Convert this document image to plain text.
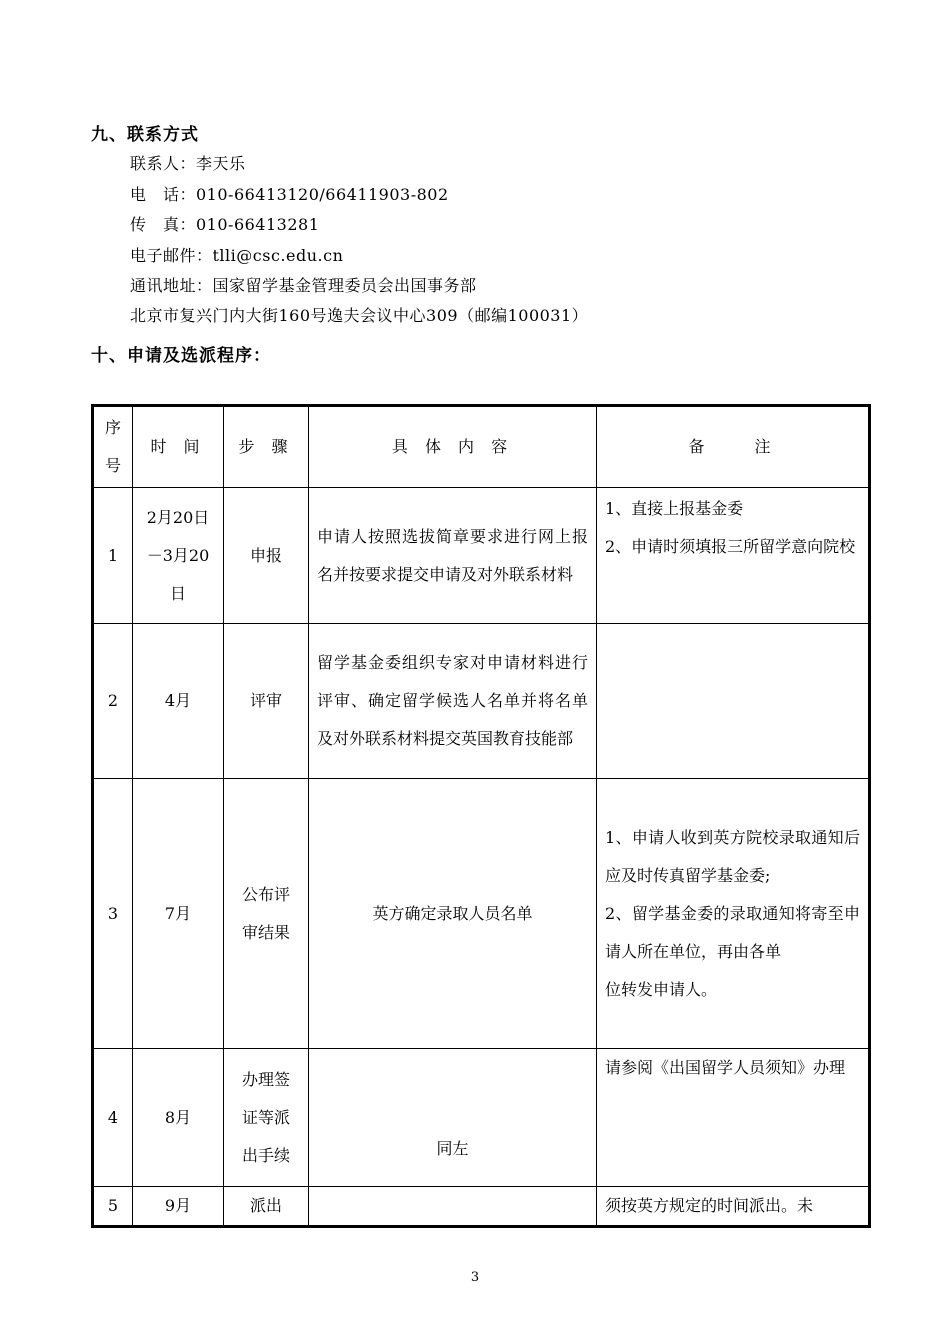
九、联系方式
联系人：李天乐
电　话：010-66413120/66411903-802
传　真：010-66413281
电子邮件：tlli@csc.edu.cn
通讯地址：国家留学基金管理委员会出国事务部
北京市复兴门内大街160号逸夫会议中心309（邮编100031）
十、申请及选派程序：
序号	时 间	步 骤	具 体 内 容	备　　注
1	2月20日－3月20日	申报	申请人按照选拔简章要求进行网上报名并按要求提交申请及对外联系材料	1、直接上报基金委
2、申请时须填报三所留学意向院校

2	4月	评审	留学基金委组织专家对申请材料进行评审、确定留学候选人名单并将名单及对外联系材料提交英国教育技能部	
3	7月	公布评审结果	英方确定录取人员名单	1、申请人收到英方院校录取通知后应及时传真留学基金委;
2、留学基金委的录取通知将寄至申请人所在单位，再由各单
位转发申请人。

4	8月	办理签证等派出手续	同左	请参阅《出国留学人员须知》办理

5	9月	派出		须按英方规定的时间派出。未
3
